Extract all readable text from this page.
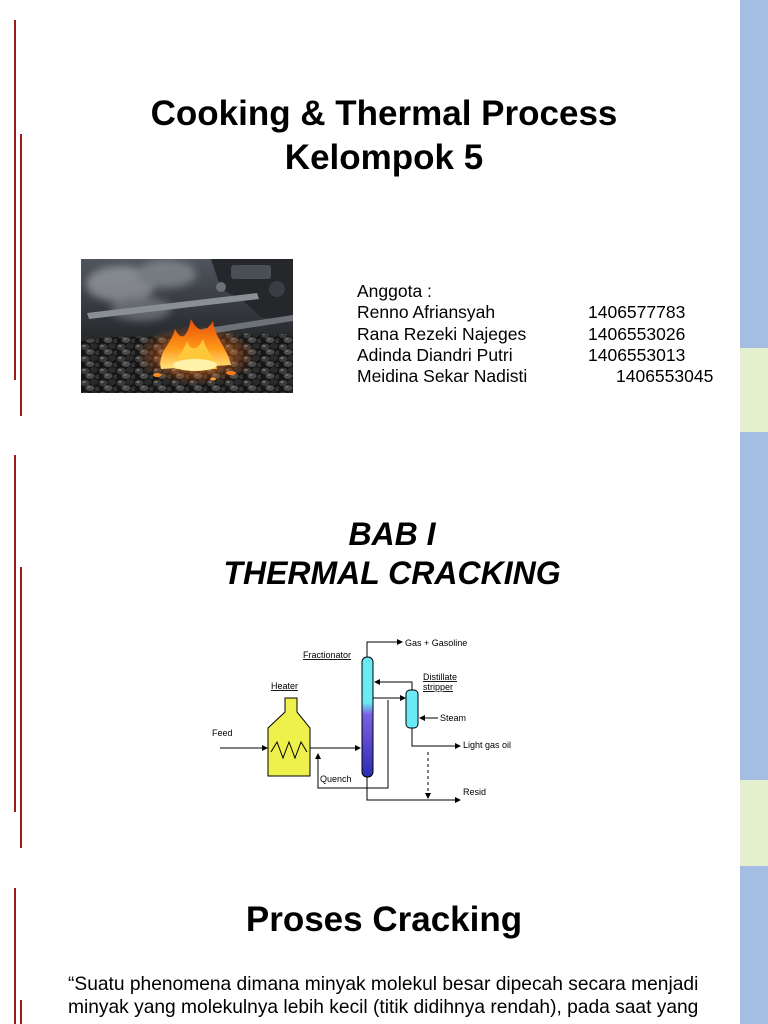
Cooking & Thermal Process
Kelompok 5
Anggota :
Renno Afriansyah	1406577783
Rana Rezeki Najeges	1406553026
Adinda Diandri Putri	1406553013
Meidina Sekar Nadisti	1406553045
BAB I
THERMAL CRACKING
Feed
Heater
Fractionator
Gas + Gasoline
Distillate
stripper
Steam
Light gas oil
Quench
Resid
Proses Cracking
“Suatu phenomena dimana minyak molekul besar dipecah secara menjadi
minyak yang molekulnya lebih kecil (titik didihnya rendah), pada saat yang
